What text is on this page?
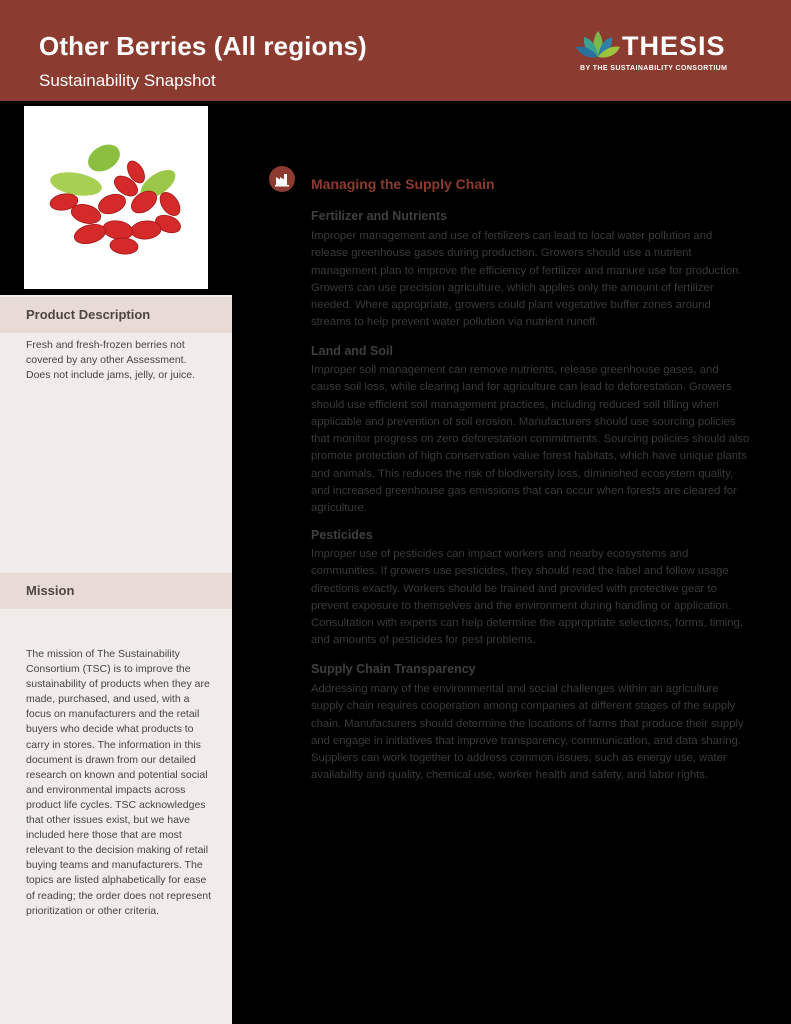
Other Berries (All regions)
Sustainability Snapshot
THESIS
BY THE SUSTAINABILITY CONSORTIUM
Product Description
Fresh and fresh-frozen berries not covered by any other Assessment. Does not include jams, jelly, or juice.
Mission
The mission of The Sustainability Consortium (TSC) is to improve the sustainability of products when they are made, purchased, and used, with a focus on manufacturers and the retail buyers who decide what products to carry in stores. The information in this document is drawn from our detailed research on known and potential social and environmental impacts across product life cycles. TSC acknowledges that other issues exist, but we have included here those that are most relevant to the decision making of retail buying teams and manufacturers. The topics are listed alphabetically for ease of reading; the order does not represent prioritization or other criteria.
Managing the Supply Chain
Fertilizer and Nutrients
Improper management and use of fertilizers can lead to local water pollution and release greenhouse gases during production. Growers should use a nutrient management plan to improve the efficiency of fertilizer and manure use for production. Growers can use precision agriculture, which applies only the amount of fertilizer needed. Where appropriate, growers could plant vegetative buffer zones around streams to help prevent water pollution via nutrient runoff.
Land and Soil
Improper soil management can remove nutrients, release greenhouse gases, and cause soil loss, while clearing land for agriculture can lead to deforestation. Growers should use efficient soil management practices, including reduced soil tilling when applicable and prevention of soil erosion. Manufacturers should use sourcing policies that monitor progress on zero deforestation commitments. Sourcing policies should also promote protection of high conservation value forest habitats, which have unique plants and animals. This reduces the risk of biodiversity loss, diminished ecosystem quality, and increased greenhouse gas emissions that can occur when forests are cleared for agriculture.
Pesticides
Improper use of pesticides can impact workers and nearby ecosystems and communities. If growers use pesticides, they should read the label and follow usage directions exactly. Workers should be trained and provided with protective gear to prevent exposure to themselves and the environment during handling or application. Consultation with experts can help determine the appropriate selections, forms, timing, and amounts of pesticides for pest problems.
Supply Chain Transparency
Addressing many of the environmental and social challenges within an agriculture supply chain requires cooperation among companies at different stages of the supply chain. Manufacturers should determine the locations of farms that produce their supply and engage in initiatives that improve transparency, communication, and data sharing. Suppliers can work together to address common issues, such as energy use, water availability and quality, chemical use, worker health and safety, and labor rights.
